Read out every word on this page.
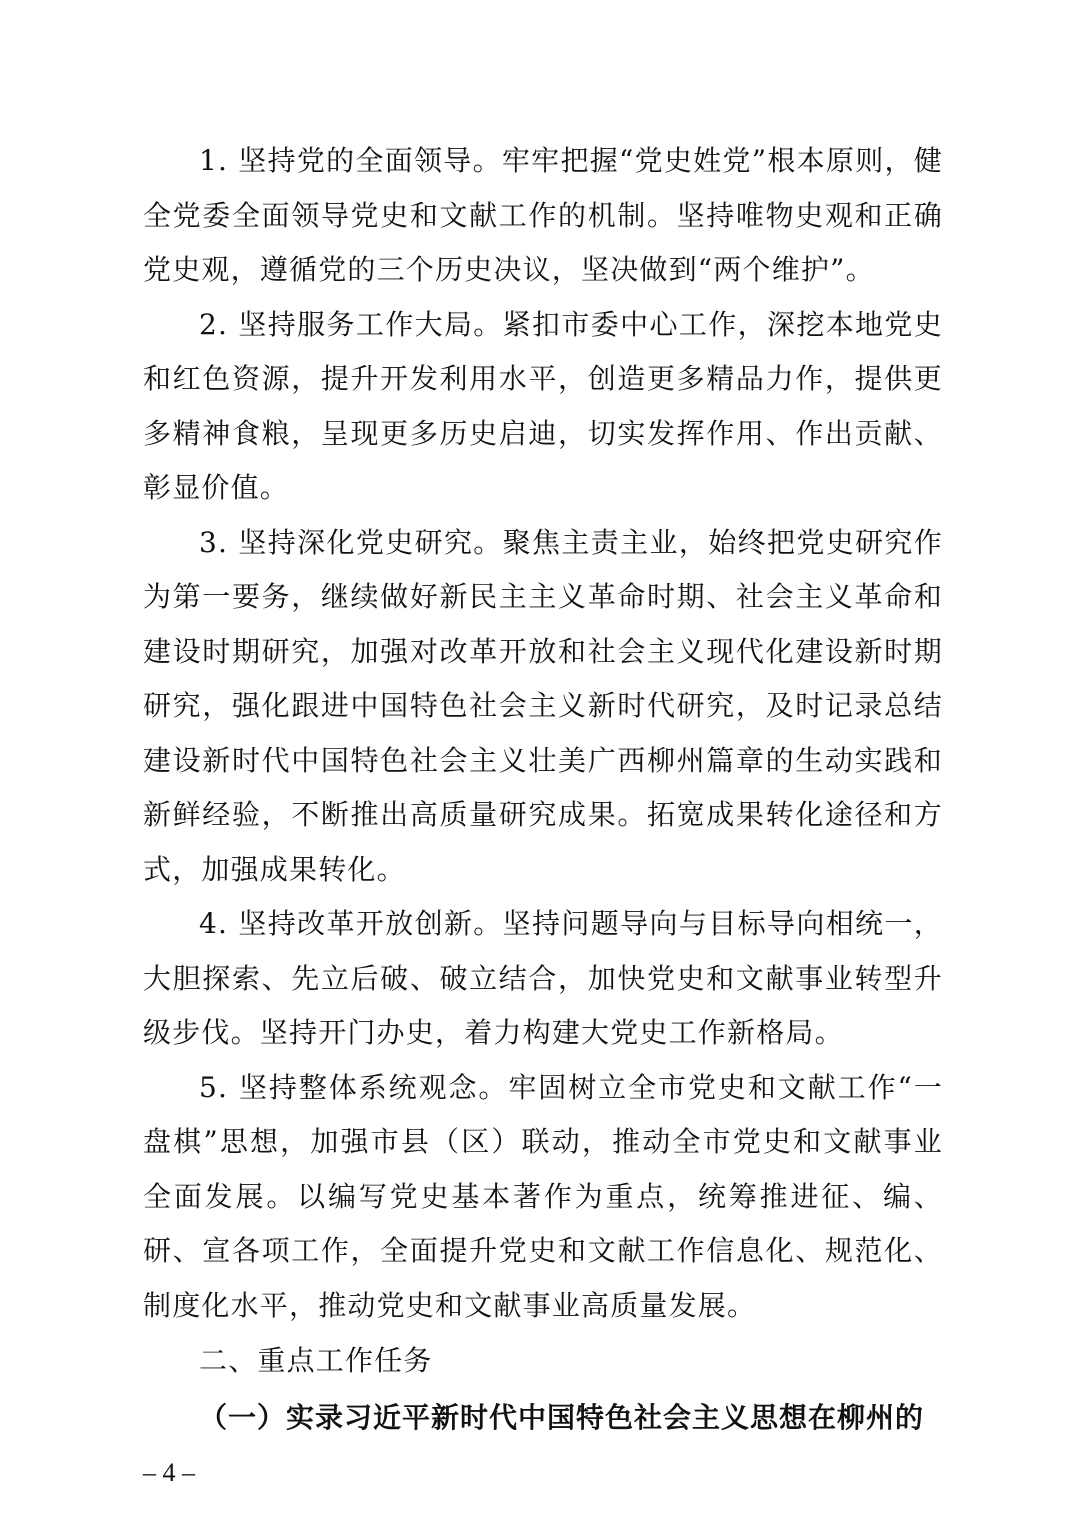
1. 坚持党的全面领导。牢牢把握“党史姓党”根本原则，健全党委全面领导党史和文献工作的机制。坚持唯物史观和正确党史观，遵循党的三个历史决议，坚决做到“两个维护”。

2. 坚持服务工作大局。紧扣市委中心工作，深挖本地党史和红色资源，提升开发利用水平，创造更多精品力作，提供更多精神食粮，呈现更多历史启迪，切实发挥作用、作出贡献、彰显价值。

3. 坚持深化党史研究。聚焦主责主业，始终把党史研究作为第一要务，继续做好新民主主义革命时期、社会主义革命和建设时期研究，加强对改革开放和社会主义现代化建设新时期研究，强化跟进中国特色社会主义新时代研究，及时记录总结建设新时代中国特色社会主义壮美广西柳州篇章的生动实践和新鲜经验，不断推出高质量研究成果。拓宽成果转化途径和方式，加强成果转化。

4. 坚持改革开放创新。坚持问题导向与目标导向相统一，大胆探索、先立后破、破立结合，加快党史和文献事业转型升级步伐。坚持开门办史，着力构建大党史工作新格局。

5. 坚持整体系统观念。牢固树立全市党史和文献工作“一盘棋”思想，加强市县（区）联动，推动全市党史和文献事业全面发展。以编写党史基本著作为重点，统筹推进征、编、研、宣各项工作，全面提升党史和文献工作信息化、规范化、制度化水平，推动党史和文献事业高质量发展。

二、重点工作任务
（一）实录习近平新时代中国特色社会主义思想在柳州的
– 4 –
